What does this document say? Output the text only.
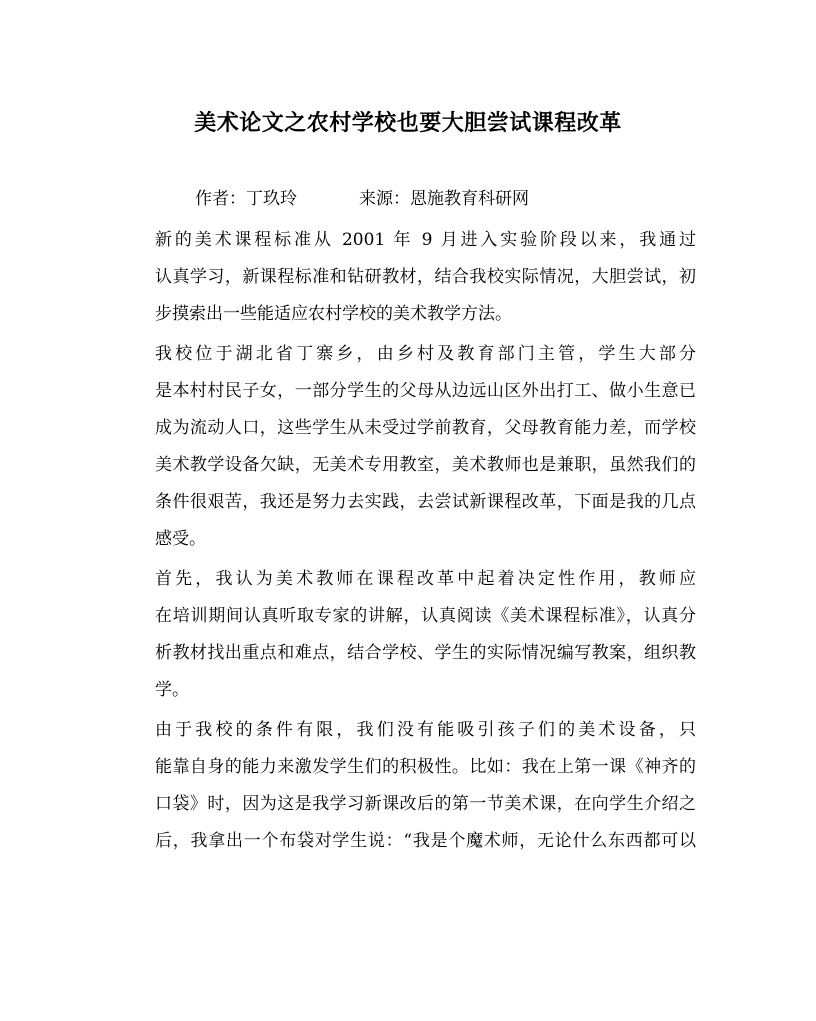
美术论文之农村学校也要大胆尝试课程改革
作者：丁玖玲	来源：恩施教育科研网

新的美术课程标准从 2001 年 9 月进入实验阶段以来，我通过
认真学习，新课程标准和钻研教材，结合我校实际情况，大胆尝试，初
步摸索出一些能适应农村学校的美术教学方法。

我校位于湖北省丁寨乡，由乡村及教育部门主管，学生大部分
是本村村民子女，一部分学生的父母从边远山区外出打工、做小生意已
成为流动人口，这些学生从未受过学前教育，父母教育能力差，而学校
美术教学设备欠缺，无美术专用教室，美术教师也是兼职，虽然我们的
条件很艰苦，我还是努力去实践，去尝试新课程改革，下面是我的几点
感受。

首先，我认为美术教师在课程改革中起着决定性作用，教师应
在培训期间认真听取专家的讲解，认真阅读《美术课程标准》，认真分
析教材找出重点和难点，结合学校、学生的实际情况编写教案，组织教
学。

由于我校的条件有限，我们没有能吸引孩子们的美术设备，只
能靠自身的能力来激发学生们的积极性。比如：我在上第一课《神齐的
口袋》时，因为这是我学习新课改后的第一节美术课，在向学生介绍之
后，我拿出一个布袋对学生说：“我是个魔术师，无论什么东西都可以
